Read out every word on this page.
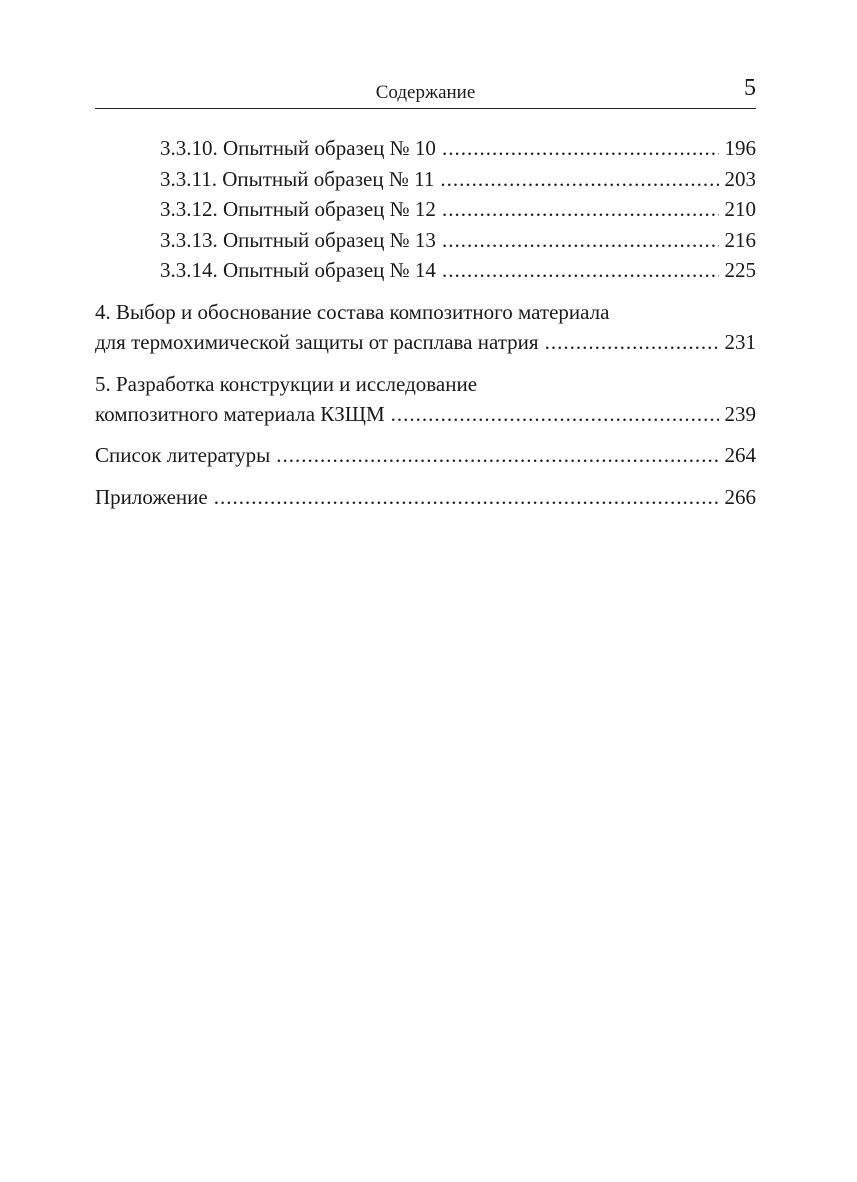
Содержание	5
3.3.10. Опытный образец № 10 .....	196
3.3.11. Опытный образец № 11 .....	203
3.3.12. Опытный образец № 12 .....	210
3.3.13. Опытный образец № 13 .....	216
3.3.14. Опытный образец № 14 .....	225
4. Выбор и обоснование состава композитного материала
для термохимической защиты от расплава натрия .....	231
5. Разработка конструкции и исследование
композитного материала КЗЩМ .....	239
Список литературы .....	264
Приложение .....	266
